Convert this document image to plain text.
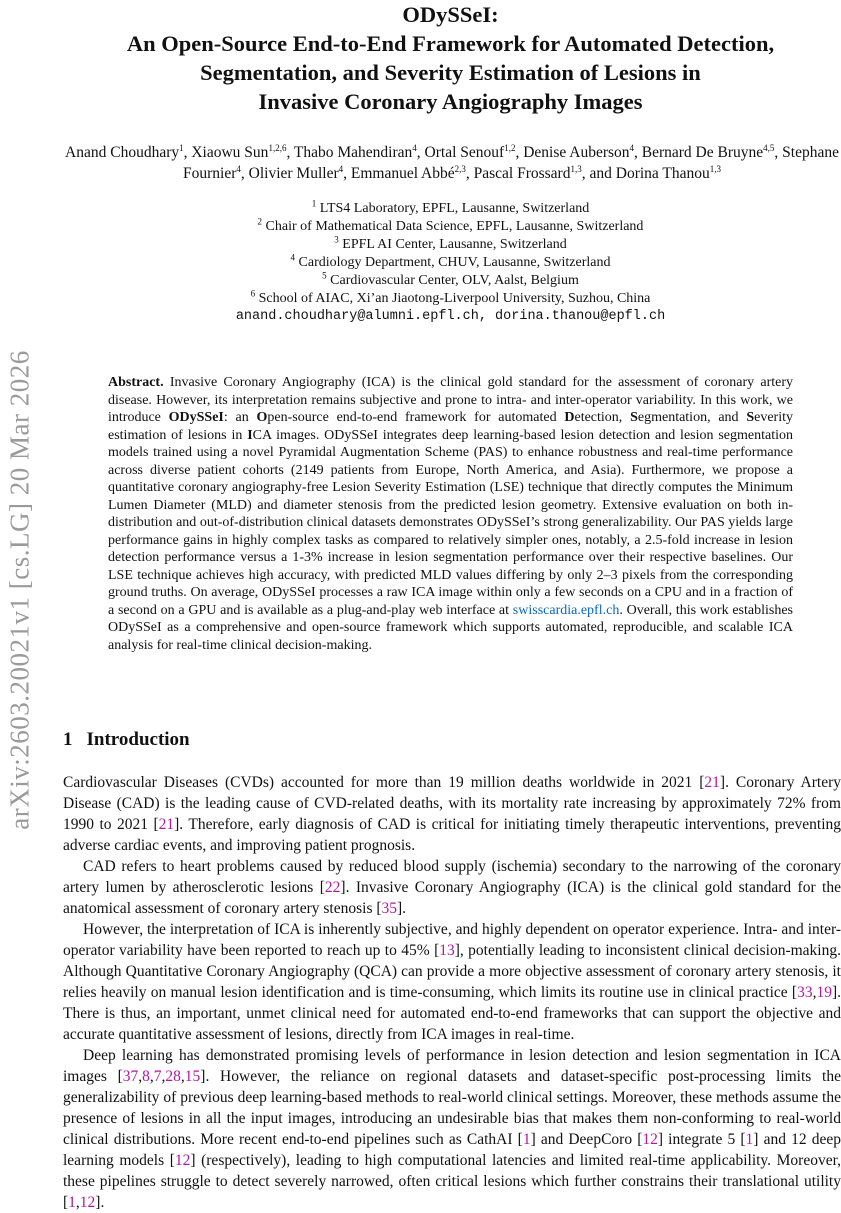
arXiv:2603.20021v1 [cs.LG] 20 Mar 2026
ODySSeI:
An Open-Source End-to-End Framework for Automated Detection,
Segmentation, and Severity Estimation of Lesions in
Invasive Coronary Angiography Images
Anand Choudhary$^1$, Xiaowu Sun$^{1,2,6}$, Thabo Mahendiran$^4$, Ortal Senouf$^{1,2}$, Denise Auberson$^4$, Bernard De Bruyne$^{4,5}$, Stephane Fournier$^4$, Olivier Muller$^4$, Emmanuel Abbé$^{2,3}$, Pascal Frossard$^{1,3}$, and Dorina Thanou$^{1,3}$
$^1$ LTS4 Laboratory, EPFL, Lausanne, Switzerland
$^2$ Chair of Mathematical Data Science, EPFL, Lausanne, Switzerland
$^3$ EPFL AI Center, Lausanne, Switzerland
$^4$ Cardiology Department, CHUV, Lausanne, Switzerland
$^5$ Cardiovascular Center, OLV, Aalst, Belgium
$^6$ School of AIAC, Xi’an Jiaotong-Liverpool University, Suzhou, China
anand.choudhary@alumni.epfl.ch, dorina.thanou@epfl.ch
Abstract. Invasive Coronary Angiography (ICA) is the clinical gold standard for the assessment of coronary artery disease. However, its interpretation remains subjective and prone to intra- and inter-operator variability. In this work, we introduce ODySSeI: an Open-source end-to-end framework for automated Detection, Segmentation, and Severity estimation of lesions in ICA images. ODySSeI integrates deep learning-based lesion detection and lesion segmentation models trained using a novel Pyramidal Augmentation Scheme (PAS) to enhance robustness and real-time performance across diverse patient cohorts (2149 patients from Europe, North America, and Asia). Furthermore, we propose a quantitative coronary angiography-free Lesion Severity Estimation (LSE) technique that directly computes the Minimum Lumen Diameter (MLD) and diameter stenosis from the predicted lesion geometry. Extensive evaluation on both in-distribution and out-of-distribution clinical datasets demonstrates ODySSeI’s strong generalizability. Our PAS yields large performance gains in highly complex tasks as compared to relatively simpler ones, notably, a 2.5-fold increase in lesion detection performance versus a 1-3% increase in lesion segmentation performance over their respective baselines. Our LSE technique achieves high accuracy, with predicted MLD values differing by only 2–3 pixels from the corresponding ground truths. On average, ODySSeI processes a raw ICA image within only a few seconds on a CPU and in a fraction of a second on a GPU and is available as a plug-and-play web interface at swisscardia.epfl.ch. Overall, this work establishes ODySSeI as a comprehensive and open-source framework which supports automated, reproducible, and scalable ICA analysis for real-time clinical decision-making.
1 Introduction

Cardiovascular Diseases (CVDs) accounted for more than 19 million deaths worldwide in 2021 [21]. Coronary Artery Disease (CAD) is the leading cause of CVD-related deaths, with its mortality rate increasing by approximately 72% from 1990 to 2021 [21]. Therefore, early diagnosis of CAD is critical for initiating timely therapeutic interventions, preventing adverse cardiac events, and improving patient prognosis.

CAD refers to heart problems caused by reduced blood supply (ischemia) secondary to the narrowing of the coronary artery lumen by atherosclerotic lesions [22]. Invasive Coronary Angiography (ICA) is the clinical gold standard for the anatomical assessment of coronary artery stenosis [35].

However, the interpretation of ICA is inherently subjective, and highly dependent on operator experience. Intra- and inter-operator variability have been reported to reach up to 45% [13], potentially leading to inconsistent clinical decision-making. Although Quantitative Coronary Angiography (QCA) can provide a more objective assessment of coronary artery stenosis, it relies heavily on manual lesion identification and is time-consuming, which limits its routine use in clinical practice [33,19]. There is thus, an important, unmet clinical need for automated end-to-end frameworks that can support the objective and accurate quantitative assessment of lesions, directly from ICA images in real-time.

Deep learning has demonstrated promising levels of performance in lesion detection and lesion segmentation in ICA images [37,8,7,28,15]. However, the reliance on regional datasets and dataset-specific post-processing limits the generalizability of previous deep learning-based methods to real-world clinical settings. Moreover, these methods assume the presence of lesions in all the input images, introducing an undesirable bias that makes them non-conforming to real-world clinical distributions. More recent end-to-end pipelines such as CathAI [1] and DeepCoro [12] integrate 5 [1] and 12 deep learning models [12] (respectively), leading to high computational latencies and limited real-time applicability. Moreover, these pipelines struggle to detect severely narrowed, often critical lesions which further constrains their translational utility [1,12].
